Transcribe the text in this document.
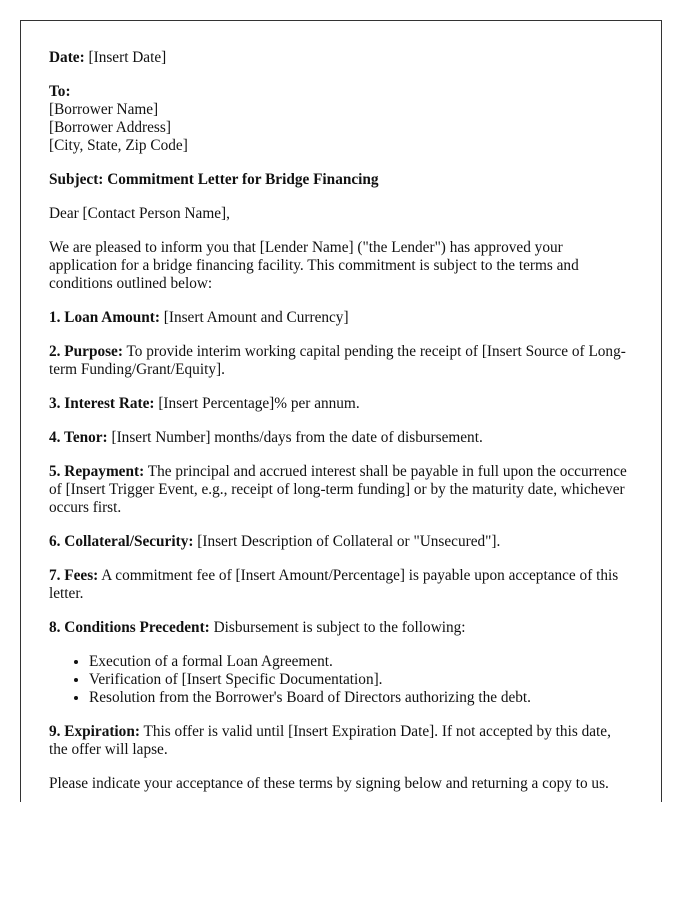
Date: [Insert Date]

To:
[Borrower Name]
[Borrower Address]
[City, State, Zip Code]

Subject: Commitment Letter for Bridge Financing

Dear [Contact Person Name],

We are pleased to inform you that [Lender Name] ("the Lender") has approved your application for a bridge financing facility. This commitment is subject to the terms and conditions outlined below:

1. Loan Amount: [Insert Amount and Currency]

2. Purpose: To provide interim working capital pending the receipt of [Insert Source of Long-term Funding/Grant/Equity].

3. Interest Rate: [Insert Percentage]% per annum.

4. Tenor: [Insert Number] months/days from the date of disbursement.

5. Repayment: The principal and accrued interest shall be payable in full upon the occurrence of [Insert Trigger Event, e.g., receipt of long-term funding] or by the maturity date, whichever occurs first.

6. Collateral/Security: [Insert Description of Collateral or "Unsecured"].

7. Fees: A commitment fee of [Insert Amount/Percentage] is payable upon acceptance of this letter.

8. Conditions Precedent: Disbursement is subject to the following:

• Execution of a formal Loan Agreement.
• Verification of [Insert Specific Documentation].
• Resolution from the Borrower's Board of Directors authorizing the debt.

9. Expiration: This offer is valid until [Insert Expiration Date]. If not accepted by this date, the offer will lapse.

Please indicate your acceptance of these terms by signing below and returning a copy to us.
